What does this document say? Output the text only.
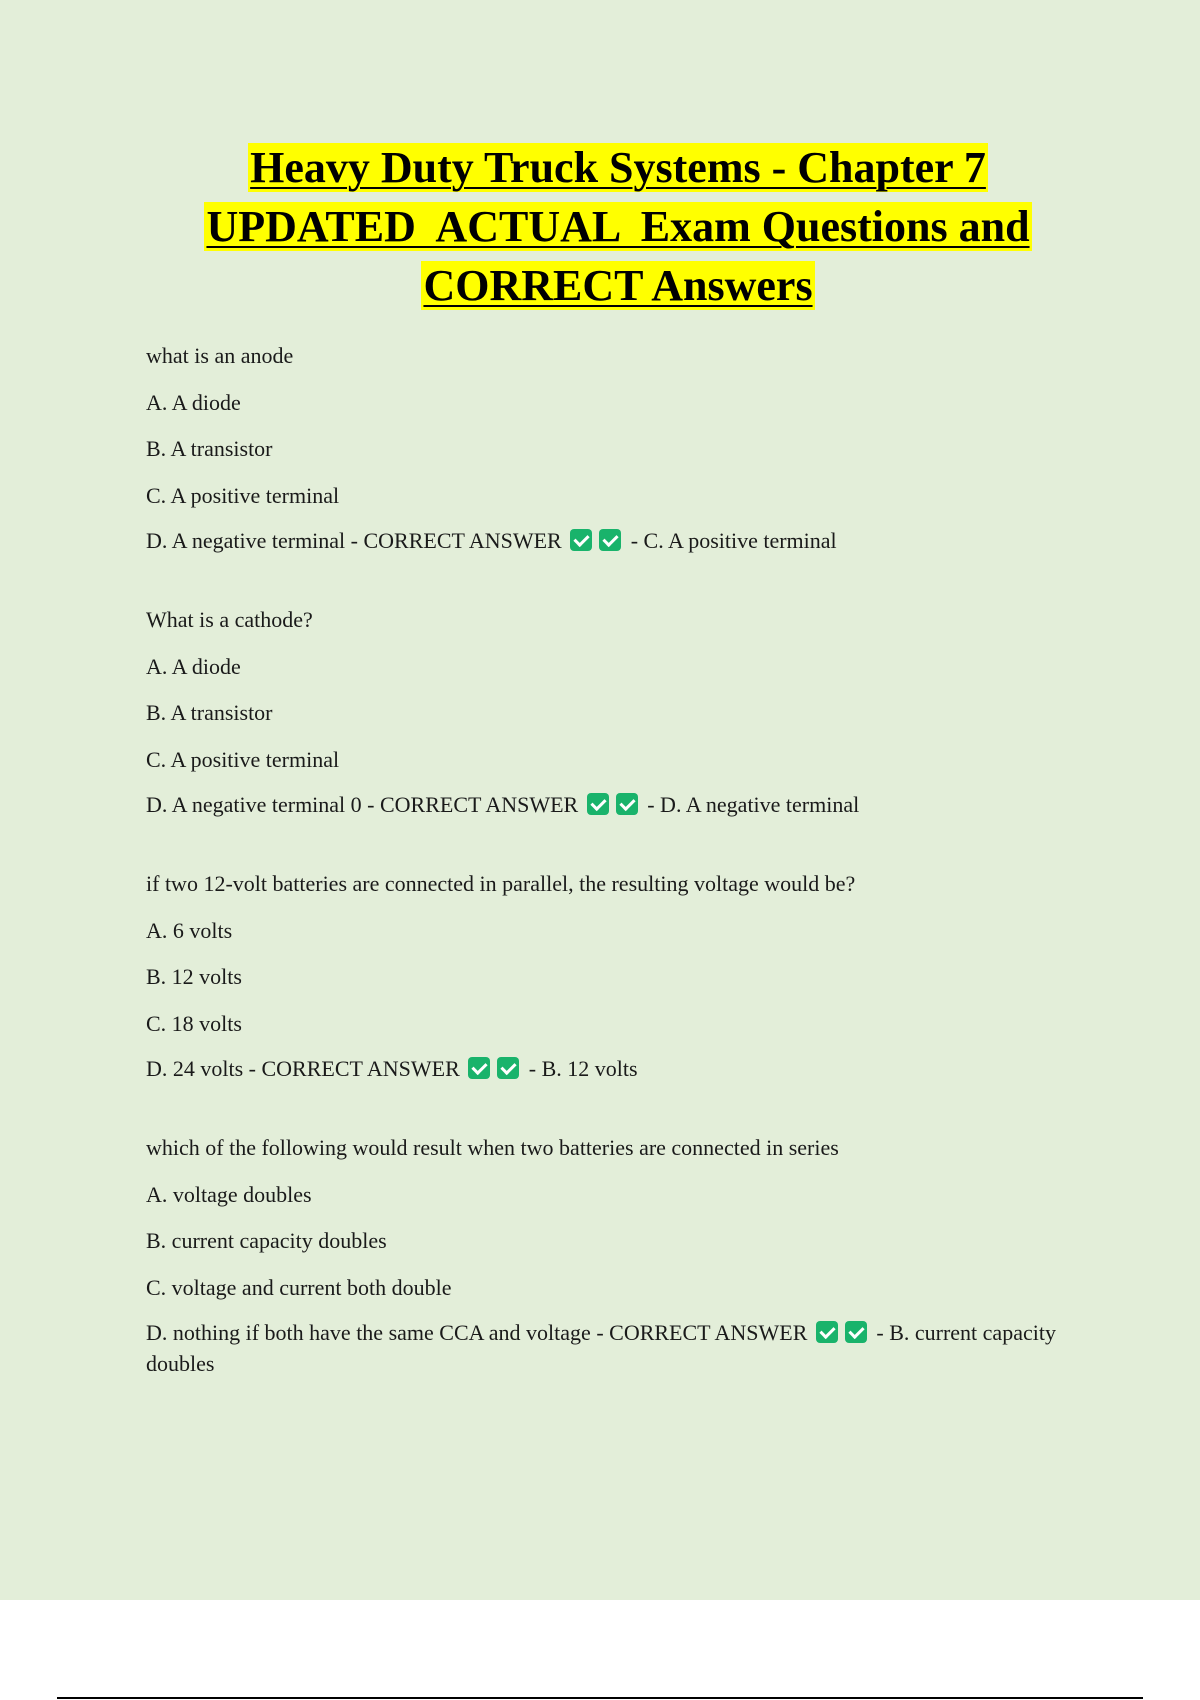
Heavy Duty Truck Systems - Chapter 7
UPDATED  ACTUAL  Exam Questions and
CORRECT Answers
what is an anode
A. A diode
B. A transistor
C. A positive terminal
D. A negative terminal - CORRECT ANSWER	- C. A positive terminal
What is a cathode?
A. A diode
B. A transistor
C. A positive terminal
D. A negative terminal 0 - CORRECT ANSWER	- D. A negative terminal
if two 12-volt batteries are connected in parallel, the resulting voltage would be?
A. 6 volts
B. 12 volts
C. 18 volts
D. 24 volts - CORRECT ANSWER	- B. 12 volts
which of the following would result when two batteries are connected in series
A. voltage doubles
B. current capacity doubles
C. voltage and current both double
D. nothing if both have the same CCA and voltage - CORRECT ANSWER	- B. current capacity doubles
